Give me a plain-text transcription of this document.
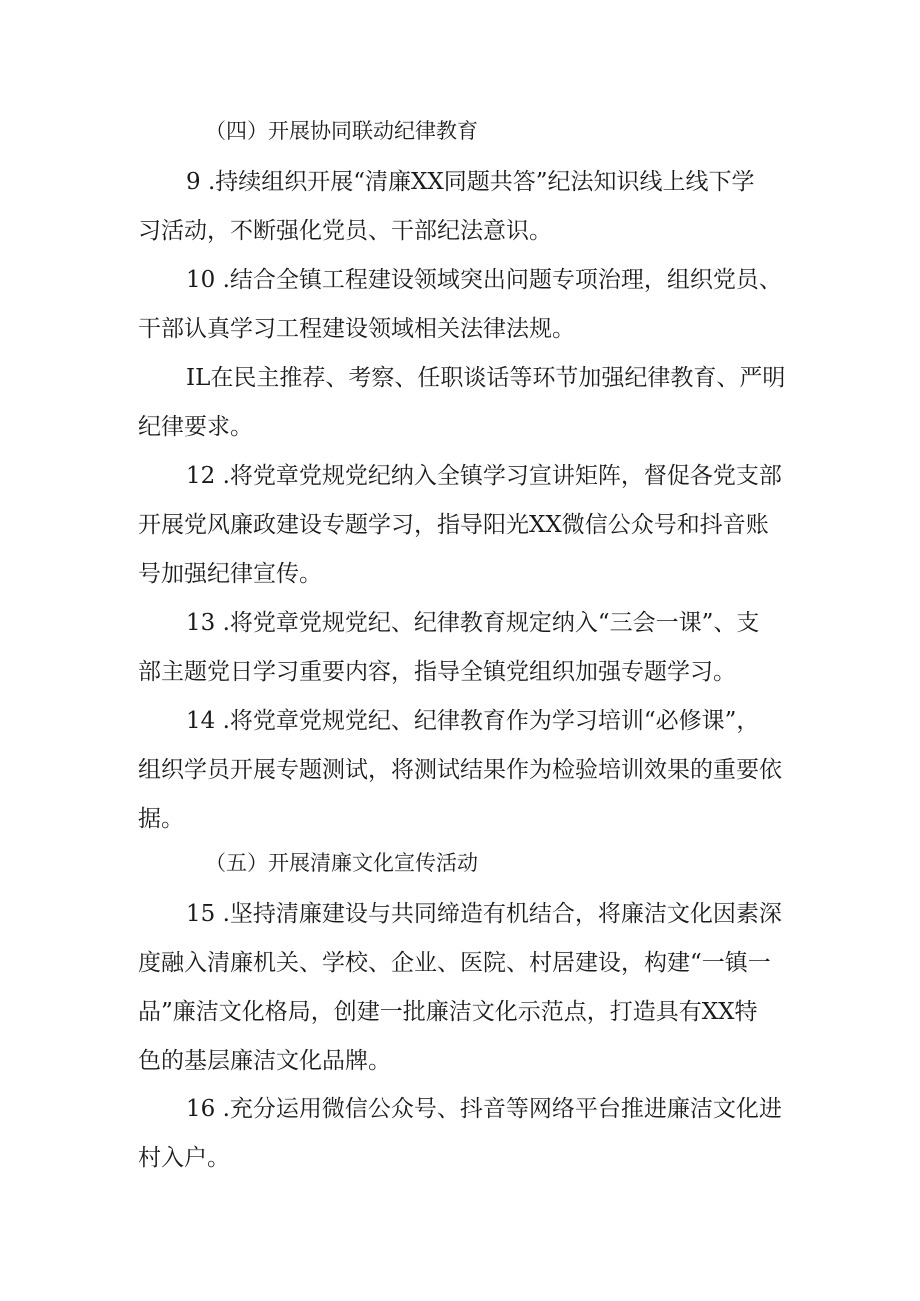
（四）开展协同联动纪律教育
9 .持续组织开展“清廉XX同题共答”纪法知识线上线下学
习活动，不断强化党员、干部纪法意识。
10 .结合全镇工程建设领域突出问题专项治理，组织党员、
干部认真学习工程建设领域相关法律法规。
IL在民主推荐、考察、任职谈话等环节加强纪律教育、严明
纪律要求。
12 .将党章党规党纪纳入全镇学习宣讲矩阵，督促各党支部
开展党风廉政建设专题学习，指导阳光XX微信公众号和抖音账
号加强纪律宣传。
13 .将党章党规党纪、纪律教育规定纳入“三会一课”、支
部主题党日学习重要内容，指导全镇党组织加强专题学习。
14 .将党章党规党纪、纪律教育作为学习培训“必修课”，
组织学员开展专题测试，将测试结果作为检验培训效果的重要依
据。
（五）开展清廉文化宣传活动
15 .坚持清廉建设与共同缔造有机结合，将廉洁文化因素深
度融入清廉机关、学校、企业、医院、村居建设，构建“一镇一
品”廉洁文化格局，创建一批廉洁文化示范点，打造具有XX特
色的基层廉洁文化品牌。
16 .充分运用微信公众号、抖音等网络平台推进廉洁文化进
村入户。
